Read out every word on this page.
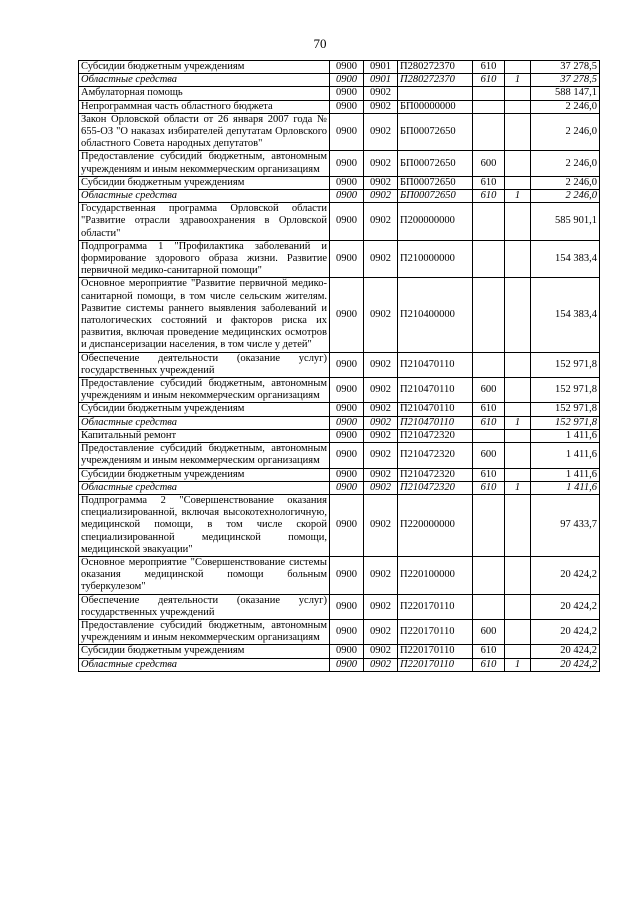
70
Субсидии бюджетным учреждениям	0900	0901	П280272370	610		37 278,5
Областные средства	0900	0901	П280272370	610	1	37 278,5
Амбулаторная помощь	0900	0902				588 147,1
Непрограммная часть областного бюджета	0900	0902	БП00000000			2 246,0
Закон Орловской области от 26 января 2007 года № 655-ОЗ "О наказах избирателей депутатам Орловского областного Совета народных депутатов"	0900	0902	БП00072650			2 246,0
Предоставление субсидий бюджетным, автономным учреждениям и иным некоммерческим организациям	0900	0902	БП00072650	600		2 246,0
Субсидии бюджетным учреждениям	0900	0902	БП00072650	610		2 246,0
Областные средства	0900	0902	БП00072650	610	1	2 246,0
Государственная программа Орловской области "Развитие отрасли здравоохранения в Орловской области"	0900	0902	П200000000			585 901,1
Подпрограмма 1 "Профилактика заболеваний и формирование здорового образа жизни. Развитие первичной медико-санитарной помощи"	0900	0902	П210000000			154 383,4
Основное мероприятие "Развитие первичной медико-санитарной помощи, в том числе сельским жителям. Развитие системы раннего выявления заболеваний и патологических состояний и факторов риска их развития, включая проведение медицинских осмотров и диспансеризации населения, в том числе у детей"	0900	0902	П210400000			154 383,4
Обеспечение деятельности (оказание услуг) государственных учреждений	0900	0902	П210470110			152 971,8
Предоставление субсидий бюджетным, автономным учреждениям и иным некоммерческим организациям	0900	0902	П210470110	600		152 971,8
Субсидии бюджетным учреждениям	0900	0902	П210470110	610		152 971,8
Областные средства	0900	0902	П210470110	610	1	152 971,8
Капитальный ремонт	0900	0902	П210472320			1 411,6
Предоставление субсидий бюджетным, автономным учреждениям и иным некоммерческим организациям	0900	0902	П210472320	600		1 411,6
Субсидии бюджетным учреждениям	0900	0902	П210472320	610		1 411,6
Областные средства	0900	0902	П210472320	610	1	1 411,6
Подпрограмма 2 "Совершенствование оказания специализированной, включая высокотехнологичную, медицинской помощи, в том числе скорой специализированной медицинской помощи, медицинской эвакуации"	0900	0902	П220000000			97 433,7
Основное мероприятие "Совершенствование системы оказания медицинской помощи больным туберкулезом"	0900	0902	П220100000			20 424,2
Обеспечение деятельности (оказание услуг) государственных учреждений	0900	0902	П220170110			20 424,2
Предоставление субсидий бюджетным, автономным учреждениям и иным некоммерческим организациям	0900	0902	П220170110	600		20 424,2
Субсидии бюджетным учреждениям	0900	0902	П220170110	610		20 424,2
Областные средства	0900	0902	П220170110	610	1	20 424,2
